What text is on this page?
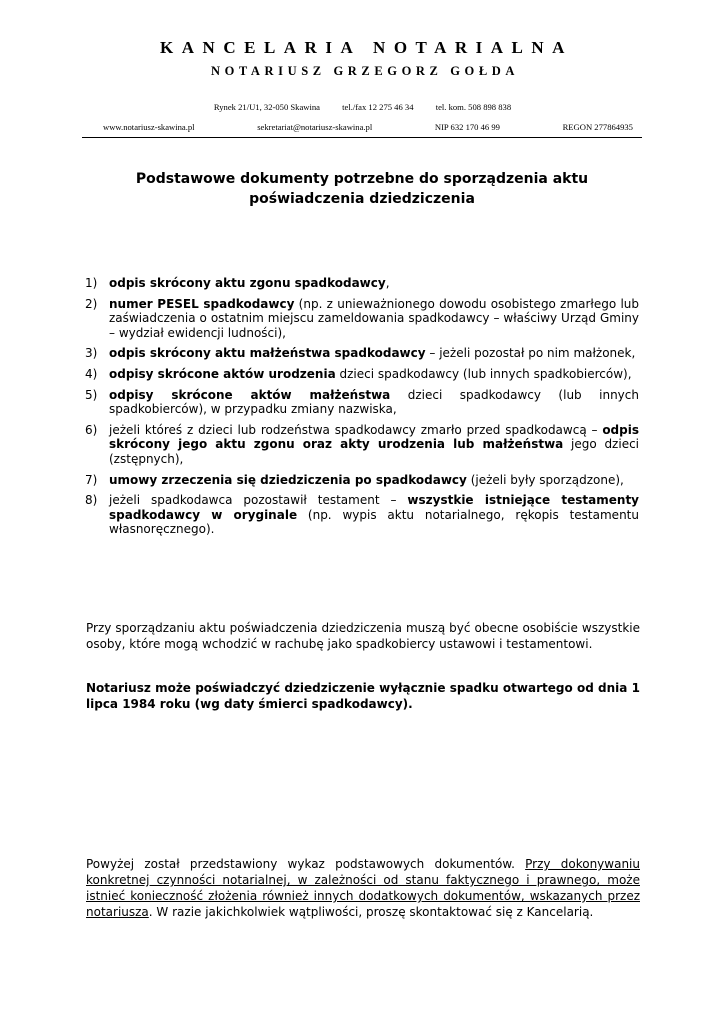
KANCELARIA NOTARIALNA
NOTARIUSZ GRZEGORZ GOŁDA
Rynek 21/U1, 32-050 Skawina	tel./fax 12 275 46 34	tel. kom. 508 898 838
www.notariusz-skawina.pl	sekretariat@notariusz-skawina.pl	NIP 632 170 46 99	REGON 277864935
Podstawowe dokumenty potrzebne do sporządzenia aktu
poświadczenia dziedziczenia
1) odpis skrócony aktu zgonu spadkodawcy,
2) numer PESEL spadkodawcy (np. z unieważnionego dowodu osobistego zmarłego lub zaświadczenia o ostatnim miejscu zameldowania spadkodawcy – właściwy Urząd Gminy – wydział ewidencji ludności),
3) odpis skrócony aktu małżeństwa spadkodawcy – jeżeli pozostał po nim małżonek,
4) odpisy skrócone aktów urodzenia dzieci spadkodawcy (lub innych spadkobierców),
5) odpisy skrócone aktów małżeństwa dzieci spadkodawcy (lub innych spadkobierców), w przypadku zmiany nazwiska,
6) jeżeli któreś z dzieci lub rodzeństwa spadkodawcy zmarło przed spadkodawcą – odpis skrócony jego aktu zgonu oraz akty urodzenia lub małżeństwa jego dzieci (zstępnych),
7) umowy zrzeczenia się dziedziczenia po spadkodawcy (jeżeli były sporządzone),
8) jeżeli spadkodawca pozostawił testament – wszystkie istniejące testamenty spadkodawcy w oryginale (np. wypis aktu notarialnego, rękopis testamentu własnoręcznego).

Przy sporządzaniu aktu poświadczenia dziedziczenia muszą być obecne osobiście wszystkie osoby, które mogą wchodzić w rachubę jako spadkobiercy ustawowi i testamentowi.

Notariusz może poświadczyć dziedziczenie wyłącznie spadku otwartego od dnia 1 lipca 1984 roku (wg daty śmierci spadkodawcy).

Powyżej został przedstawiony wykaz podstawowych dokumentów. Przy dokonywaniu konkretnej czynności notarialnej, w zależności od stanu faktycznego i prawnego, może istnieć konieczność złożenia również innych dodatkowych dokumentów, wskazanych przez notariusza. W razie jakichkolwiek wątpliwości, proszę skontaktować się z Kancelarią.
